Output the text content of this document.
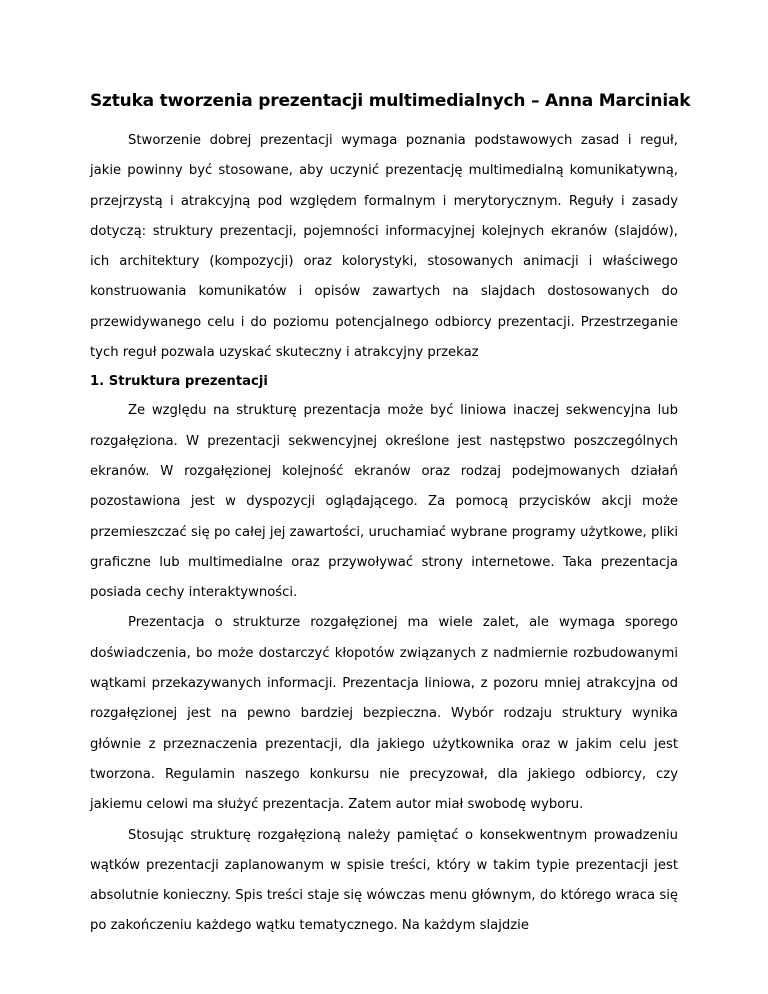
Sztuka tworzenia prezentacji multimedialnych – Anna Marciniak

Stworzenie dobrej prezentacji wymaga poznania podstawowych zasad i reguł, jakie powinny być stosowane, aby uczynić prezentację multimedialną komunikatywną, przejrzystą i atrakcyjną pod względem formalnym i merytorycznym. Reguły i zasady dotyczą: struktury prezentacji, pojemności informacyjnej kolejnych ekranów (slajdów), ich architektury (kompozycji) oraz kolorystyki, stosowanych animacji i właściwego konstruowania komunikatów i opisów zawartych na slajdach dostosowanych do przewidywanego celu i do poziomu potencjalnego odbiorcy prezentacji. Przestrzeganie tych reguł pozwala uzyskać skuteczny i atrakcyjny przekaz

1. Struktura prezentacji

Ze względu na strukturę prezentacja może być liniowa inaczej sekwencyjna lub rozgałęziona. W prezentacji sekwencyjnej określone jest następstwo poszczególnych ekranów. W rozgałęzionej kolejność ekranów oraz rodzaj podejmowanych działań pozostawiona jest w dyspozycji oglądającego. Za pomocą przycisków akcji może przemieszczać się po całej jej zawartości, uruchamiać wybrane programy użytkowe, pliki graficzne lub multimedialne oraz przywoływać strony internetowe. Taka prezentacja posiada cechy interaktywności.

Prezentacja o strukturze rozgałęzionej ma wiele zalet, ale wymaga sporego doświadczenia, bo może dostarczyć kłopotów związanych z nadmiernie rozbudowanymi wątkami przekazywanych informacji. Prezentacja liniowa, z pozoru mniej atrakcyjna od rozgałęzionej jest na pewno bardziej bezpieczna. Wybór rodzaju struktury wynika głównie z przeznaczenia prezentacji, dla jakiego użytkownika oraz w jakim celu jest tworzona. Regulamin naszego konkursu nie precyzował, dla jakiego odbiorcy, czy jakiemu celowi ma służyć prezentacja. Zatem autor miał swobodę wyboru.

Stosując strukturę rozgałęzioną należy pamiętać o konsekwentnym prowadzeniu wątków prezentacji zaplanowanym w spisie treści, który w takim typie prezentacji jest absolutnie konieczny. Spis treści staje się wówczas menu głównym, do którego wraca się po zakończeniu każdego wątku tematycznego. Na każdym slajdzie
